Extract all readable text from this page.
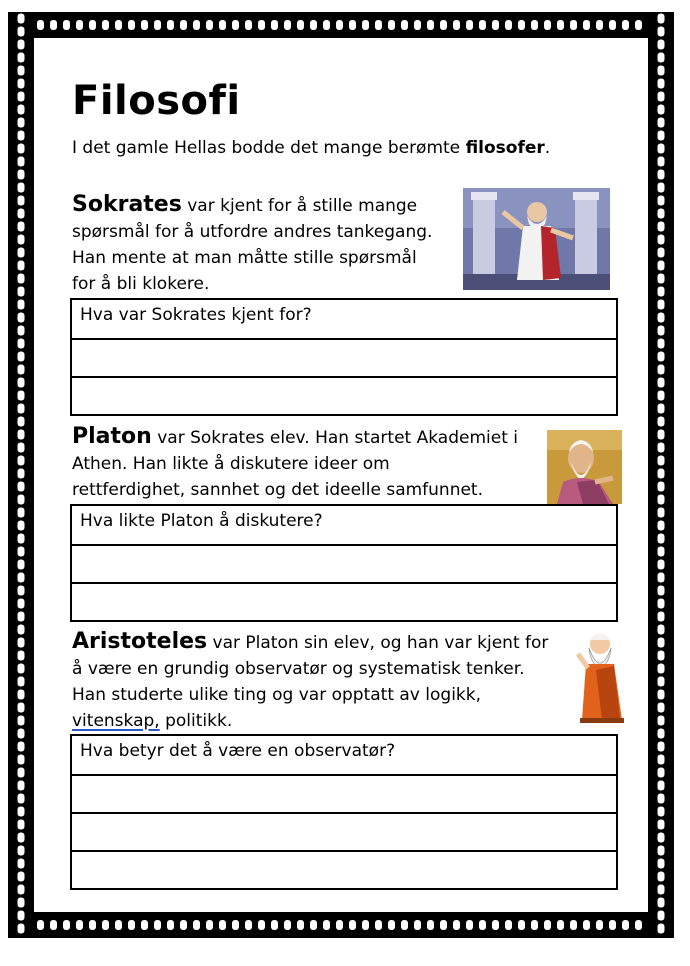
Filosofi
I det gamle Hellas bodde det mange berømte filosofer.
Sokrates var kjent for å stille mange
spørsmål for å utfordre andres tankegang.
Han mente at man måtte stille spørsmål
for å bli klokere.
Hva var Sokrates kjent for?
Platon var Sokrates elev. Han startet Akademiet i
Athen. Han likte å diskutere ideer om
rettferdighet, sannhet og det ideelle samfunnet.
Hva likte Platon å diskutere?
Aristoteles var Platon sin elev, og han var kjent for
å være en grundig observatør og systematisk tenker.
Han studerte ulike ting og var opptatt av logikk,
vitenskap, politikk.
Hva betyr det å være en observatør?
